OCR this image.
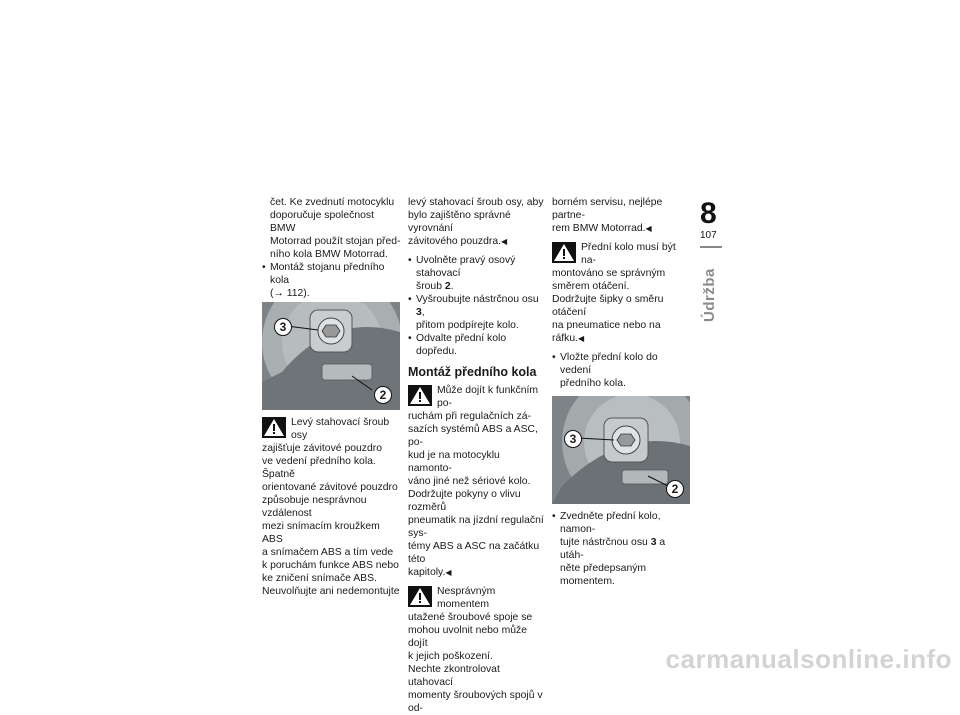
čet. Ke zvednutí motocyklu

doporučuje společnost BMW

Motorrad použít stojan před-

ního kola BMW Motorrad.

• Montáž stojanu předního kola
(→ 112).
3
2

Levý stahovací šroub osy

zajišťuje závitové pouzdro

ve vedení předního kola. Špatně

orientované závitové pouzdro

způsobuje nesprávnou vzdálenost

mezi snímacím kroužkem ABS

a snímačem ABS a tím vede

k poruchám funkce ABS nebo

ke zničení snímače ABS.

Neuvolňujte ani nedemontujte

levý stahovací šroub osy, aby

bylo zajištěno správné vyrovnání

závitového pouzdra.◀

• Uvolněte pravý osový stahovací
šroub 2.
• Vyšroubujte nástrčnou osu 3,
přitom podpírejte kolo.
• Odvalte přední kolo dopředu.
Montáž předního kola

Může dojít k funkčním po-

ruchám při regulačních zá-

sazích systémů ABS a ASC, po-

kud je na motocyklu namonto-

váno jiné než sériové kolo.

Dodržujte pokyny o vlivu rozměrů

pneumatik na jízdní regulační sys-

témy ABS a ASC na začátku této

kapitoly.◀

Nesprávným momentem

utažené šroubové spoje se

mohou uvolnit nebo může dojít

k jejich poškození.

Nechte zkontrolovat utahovací

momenty šroubových spojů v od-

borném servisu, nejlépe partne-

rem BMW Motorrad.◀

Přední kolo musí být na-

montováno se správným

směrem otáčení.

Dodržujte šipky o směru otáčení

na pneumatice nebo na ráfku.◀

• Vložte přední kolo do vedení
předního kola.
3
2
• Zvedněte přední kolo, namon-
tujte nástrčnou osu 3 a utáh-
něte předepsaným momentem.
8
107
Údržba
carmanualsonline.info
